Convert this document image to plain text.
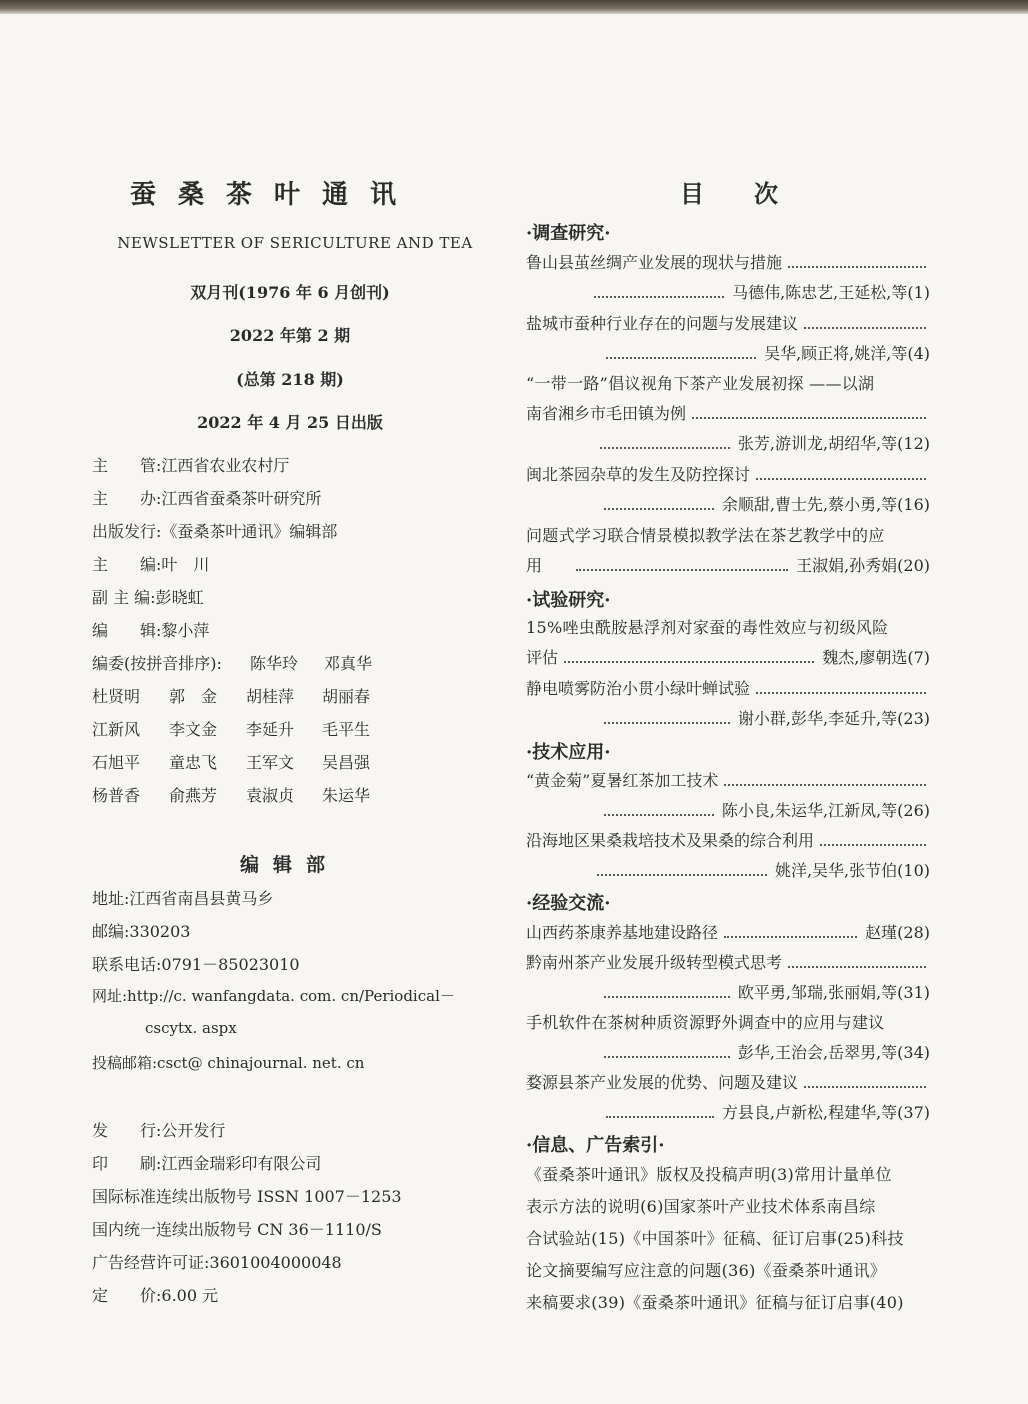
蚕桑茶叶通讯
NEWSLETTER OF SERICULTURE AND TEA
双月刊(1976 年 6 月创刊)
2022 年第 2 期
(总第 218 期)
2022 年 4 月 25 日出版
主　　管:江西省农业农村厅
主　　办:江西省蚕桑茶叶研究所
出版发行:《蚕桑茶叶通讯》编辑部
主　　编:叶　川
副 主 编:彭晓虹
编　　辑:黎小萍
编委(按拼音排序): 陈华玲 邓真华
杜贤明 郭　金 胡桂萍 胡丽春
江新风 李文金 李延升 毛平生
石旭平 童忠飞 王军文 吴昌强
杨普香 俞燕芳 袁淑贞 朱运华
编辑部
地址:江西省南昌县黄马乡
邮编:330203
联系电话:0791－85023010
网址:http://c. wanfangdata. com. cn/Periodical－
cscytx. aspx
投稿邮箱:csct@ chinajournal. net. cn
发　　行:公开发行
印　　刷:江西金瑞彩印有限公司
国际标准连续出版物号 ISSN 1007－1253
国内统一连续出版物号 CN 36－1110/S
广告经营许可证:3601004000048
定　　价:6.00 元
目次
·调查研究·
鲁山县茧丝绸产业发展的现状与措施
马德伟,陈忠艺,王延松,等(1)
盐城市蚕种行业存在的问题与发展建议
吴华,顾正将,姚洋,等(4)
“一带一路”倡议视角下茶产业发展初探 ——以湖
南省湘乡市毛田镇为例
张芳,游训龙,胡绍华,等(12)
闽北茶园杂草的发生及防控探讨
余顺甜,曹士先,蔡小勇,等(16)
问题式学习联合情景模拟教学法在茶艺教学中的应
用	王淑娟,孙秀娟(20)
·试验研究·
15%唑虫酰胺悬浮剂对家蚕的毒性效应与初级风险
评估	魏杰,廖朝选(7)
静电喷雾防治小贯小绿叶蝉试验
谢小群,彭华,李延升,等(23)
·技术应用·
“黄金菊”夏暑红茶加工技术
陈小良,朱运华,江新凤,等(26)
沿海地区果桑栽培技术及果桑的综合利用
姚洋,吴华,张节伯(10)
·经验交流·
山西药茶康养基地建设路径	赵瑾(28)
黔南州茶产业发展升级转型模式思考
欧平勇,邹瑞,张丽娟,等(31)
手机软件在茶树种质资源野外调查中的应用与建议
彭华,王治会,岳翠男,等(34)
婺源县茶产业发展的优势、问题及建议
方县良,卢新松,程建华,等(37)
·信息、广告索引·
《蚕桑茶叶通讯》版权及投稿声明(3)常用计量单位
表示方法的说明(6)国家茶叶产业技术体系南昌综
合试验站(15)《中国茶叶》征稿、征订启事(25)科技
论文摘要编写应注意的问题(36)《蚕桑茶叶通讯》
来稿要求(39)《蚕桑茶叶通讯》征稿与征订启事(40)
